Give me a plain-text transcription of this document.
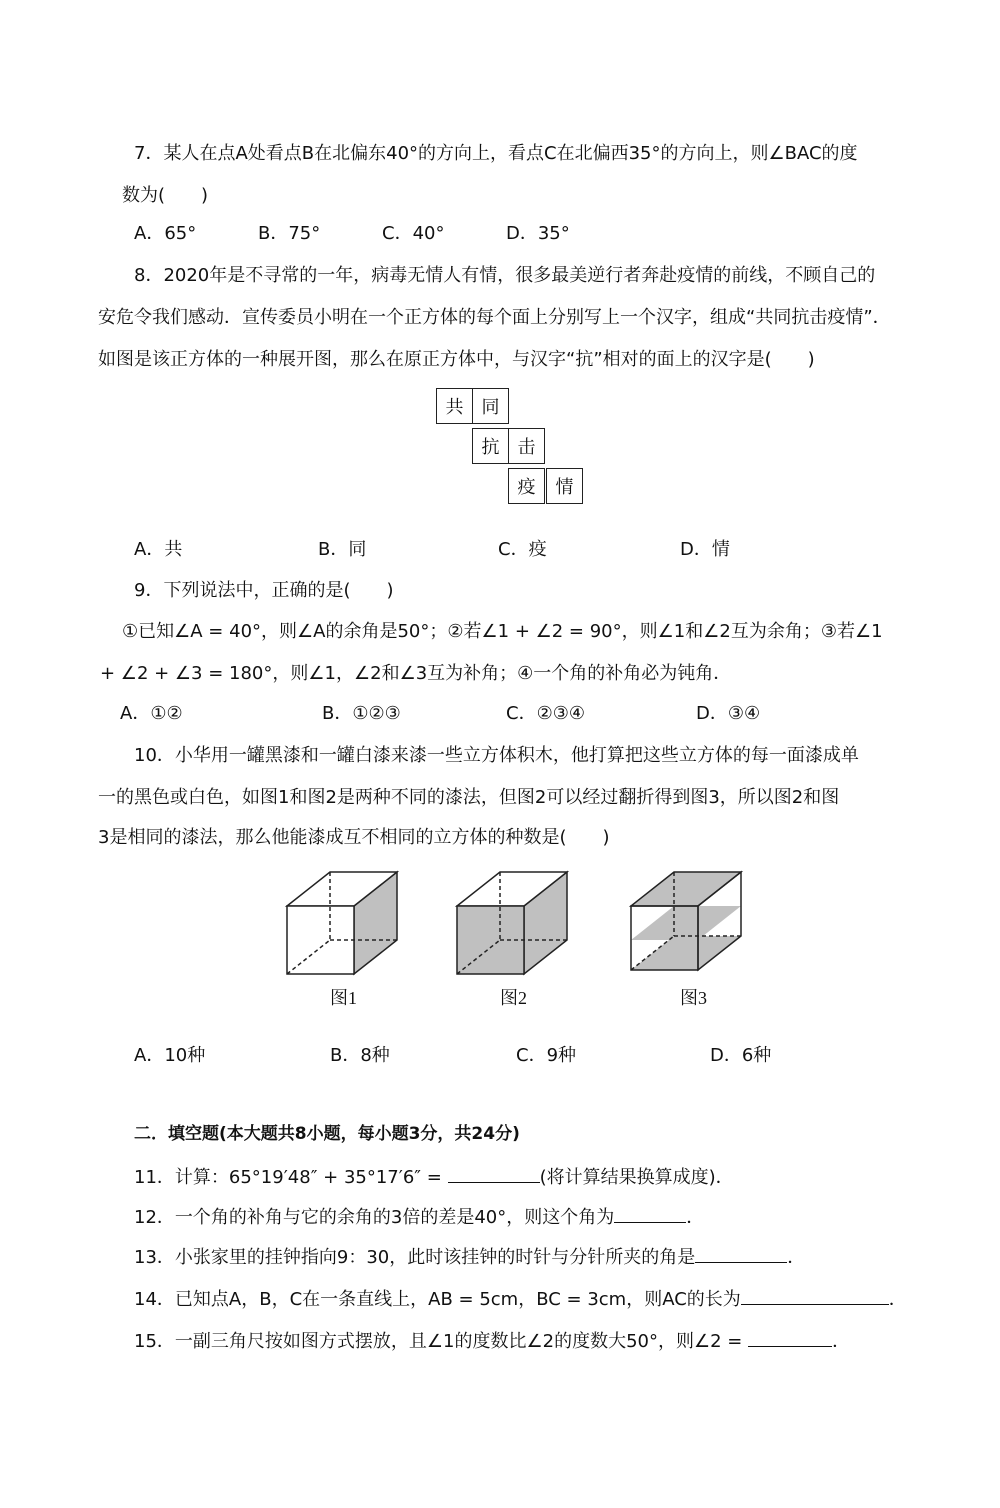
7．某人在点A处看点B在北偏东40°的方向上，看点C在北偏西35°的方向上，则∠BAC的度
数为(　　)
A．65°	B．75°	C．40°	D．35°
8．2020年是不寻常的一年，病毒无情人有情，很多最美逆行者奔赴疫情的前线，不顾自己的
安危令我们感动．宣传委员小明在一个正方体的每个面上分别写上一个汉字，组成“共同抗击疫情”．
如图是该正方体的一种展开图，那么在原正方体中，与汉字“抗”相对的面上的汉字是(　　)
共	同
抗	击
疫	情
A．共	B．同	C．疫	D．情
9．下列说法中，正确的是(　　)
①已知∠A = 40°，则∠A的余角是50°；②若∠1 + ∠2 = 90°，则∠1和∠2互为余角；③若∠1
+ ∠2 + ∠3 = 180°，则∠1，∠2和∠3互为补角；④一个角的补角必为钝角．
A．①②	B．①②③	C．②③④	D．③④
10．小华用一罐黑漆和一罐白漆来漆一些立方体积木，他打算把这些立方体的每一面漆成单
一的黑色或白色，如图1和图2是两种不同的漆法，但图2可以经过翻折得到图3，所以图2和图
3是相同的漆法，那么他能漆成互不相同的立方体的种数是(　　)
图1	图2	图3
A．10种	B．8种	C．9种	D．6种
二．填空题(本大题共8小题，每小题3分，共24分)
11．计算：65°19′48″ + 35°17′6″ =	(将计算结果换算成度)．
12．一个角的补角与它的余角的3倍的差是40°，则这个角为	．
13．小张家里的挂钟指向9：30，此时该挂钟的时针与分针所夹的角是	．
14．已知点A，B，C在一条直线上，AB = 5cm，BC = 3cm，则AC的长为	．
15．一副三角尺按如图方式摆放，且∠1的度数比∠2的度数大50°，则∠2 =	．
